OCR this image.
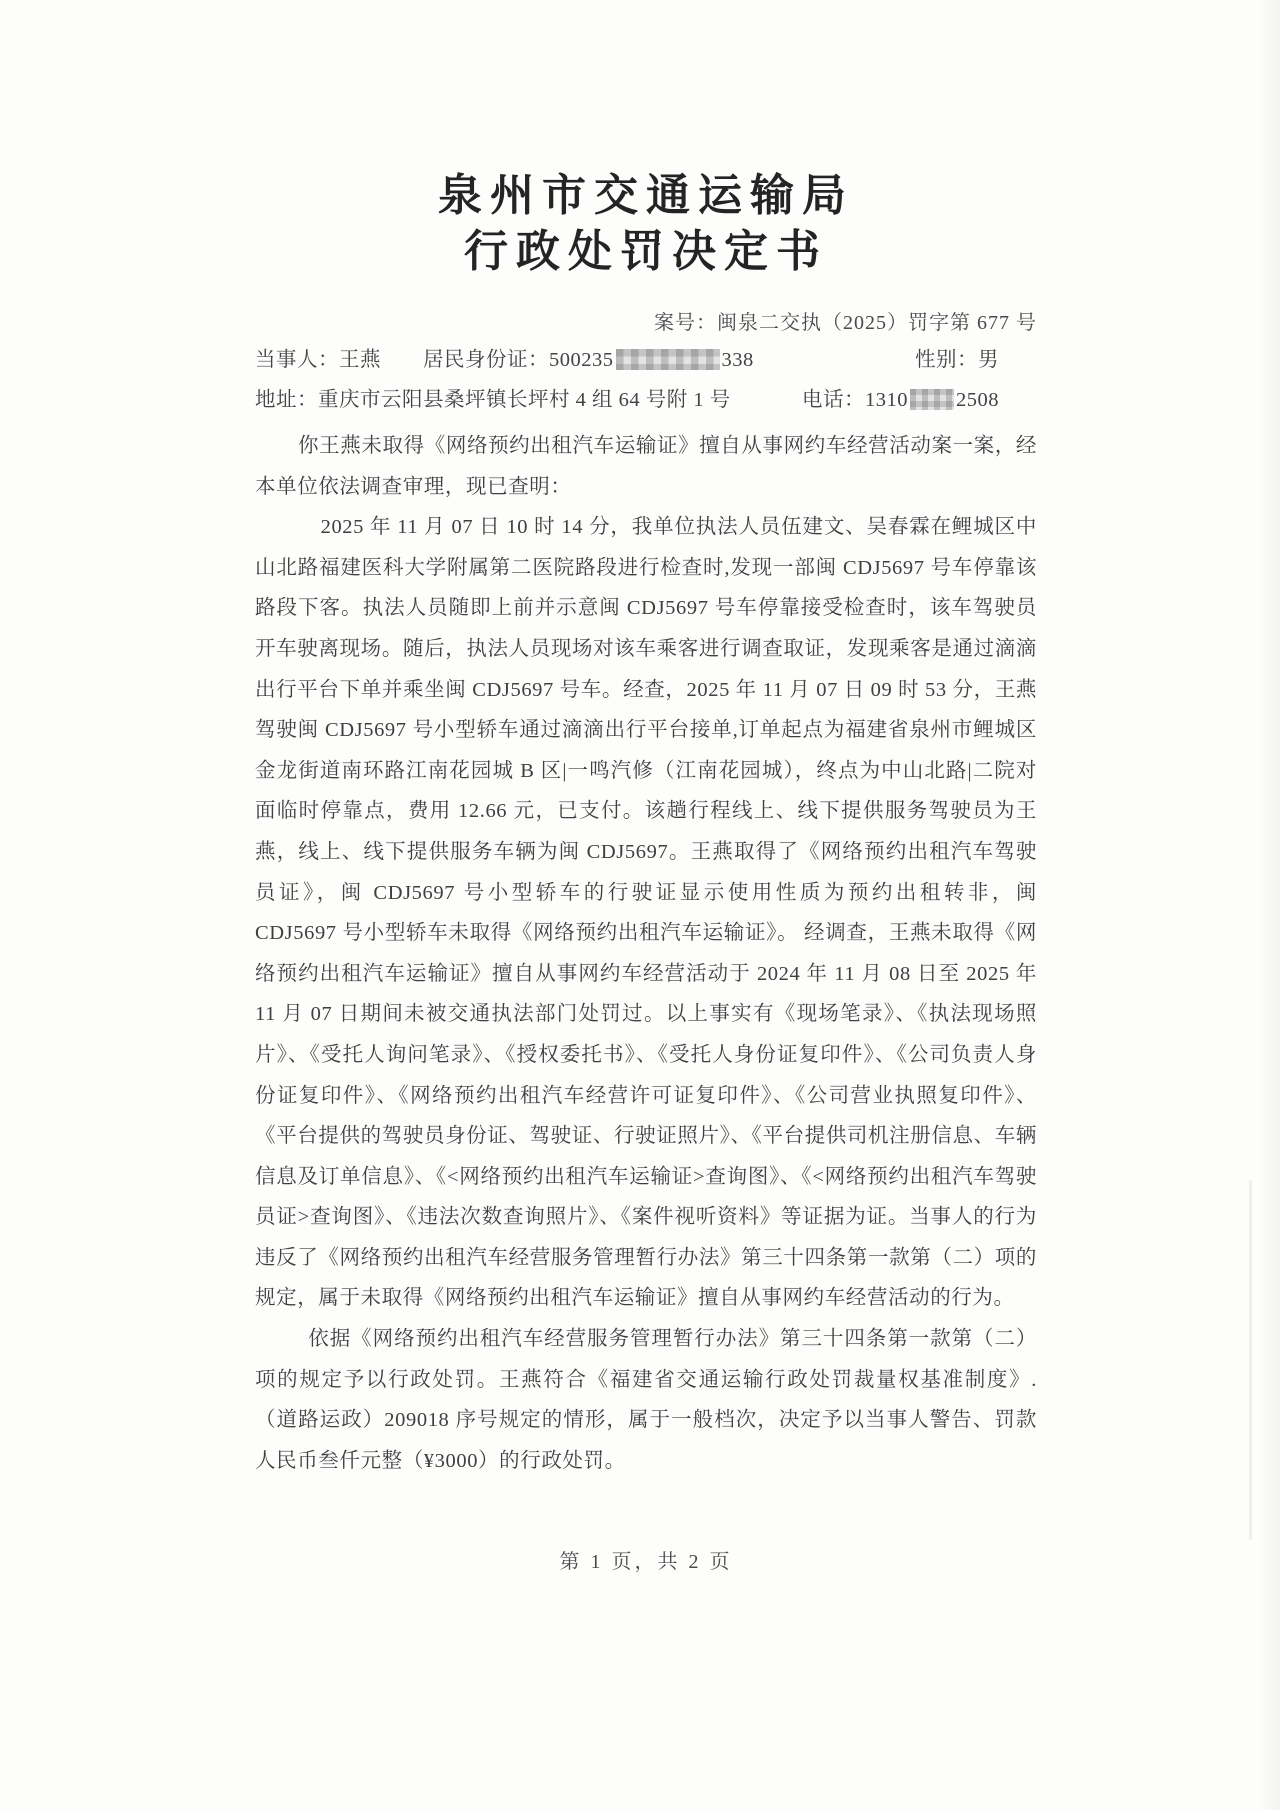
泉州市交通运输局
行政处罚决定书
案号：闽泉二交执（2025）罚字第 677 号
当事人：王燕 居民身份证：500235	338	性别：男
地址：重庆市云阳县桑坪镇长坪村 4 组 64 号附 1 号	电话：1310 2508

你王燕未取得《网络预约出租汽车运输证》擅自从事网约车经营活动案一案，经本单位依法调查审理，现已查明：

2025 年 11 月 07 日 10 时 14 分，我单位执法人员伍建文、吴春霖在鲤城区中山北路福建医科大学附属第二医院路段进行检查时,发现一部闽 CDJ5697 号车停靠该路段下客。执法人员随即上前并示意闽 CDJ5697 号车停靠接受检查时，该车驾驶员开车驶离现场。随后，执法人员现场对该车乘客进行调查取证，发现乘客是通过滴滴出行平台下单并乘坐闽 CDJ5697 号车。经查，2025 年 11 月 07 日 09 时 53 分，王燕驾驶闽 CDJ5697 号小型轿车通过滴滴出行平台接单,订单起点为福建省泉州市鲤城区金龙街道南环路江南花园城 B 区|一鸣汽修（江南花园城），终点为中山北路|二院对面临时停靠点，费用 12.66 元，已支付。该趟行程线上、线下提供服务驾驶员为王燕，线上、线下提供服务车辆为闽 CDJ5697。王燕取得了《网络预约出租汽车驾驶员证》，闽 CDJ5697 号小型轿车的行驶证显示使用性质为预约出租转非，闽 CDJ5697 号小型轿车未取得《网络预约出租汽车运输证》。 经调查，王燕未取得《网络预约出租汽车运输证》擅自从事网约车经营活动于 2024 年 11 月 08 日至 2025 年 11 月 07 日期间未被交通执法部门处罚过。以上事实有《现场笔录》、《执法现场照片》、《受托人询问笔录》、《授权委托书》、《受托人身份证复印件》、《公司负责人身份证复印件》、《网络预约出租汽车经营许可证复印件》、《公司营业执照复印件》、《平台提供的驾驶员身份证、驾驶证、行驶证照片》、《平台提供司机注册信息、车辆信息及订单信息》、《<网络预约出租汽车运输证>查询图》、《<网络预约出租汽车驾驶员证>查询图》、《违法次数查询照片》、《案件视听资料》等证据为证。当事人的行为违反了《网络预约出租汽车经营服务管理暂行办法》第三十四条第一款第（二）项的规定，属于未取得《网络预约出租汽车运输证》擅自从事网约车经营活动的行为。

依据《网络预约出租汽车经营服务管理暂行办法》第三十四条第一款第（二）项的规定予以行政处罚。王燕符合《福建省交通运输行政处罚裁量权基准制度》.（道路运政）209018 序号规定的情形，属于一般档次，决定予以当事人警告、罚款人民币叁仟元整（¥3000）的行政处罚。

第 1 页，共 2 页
